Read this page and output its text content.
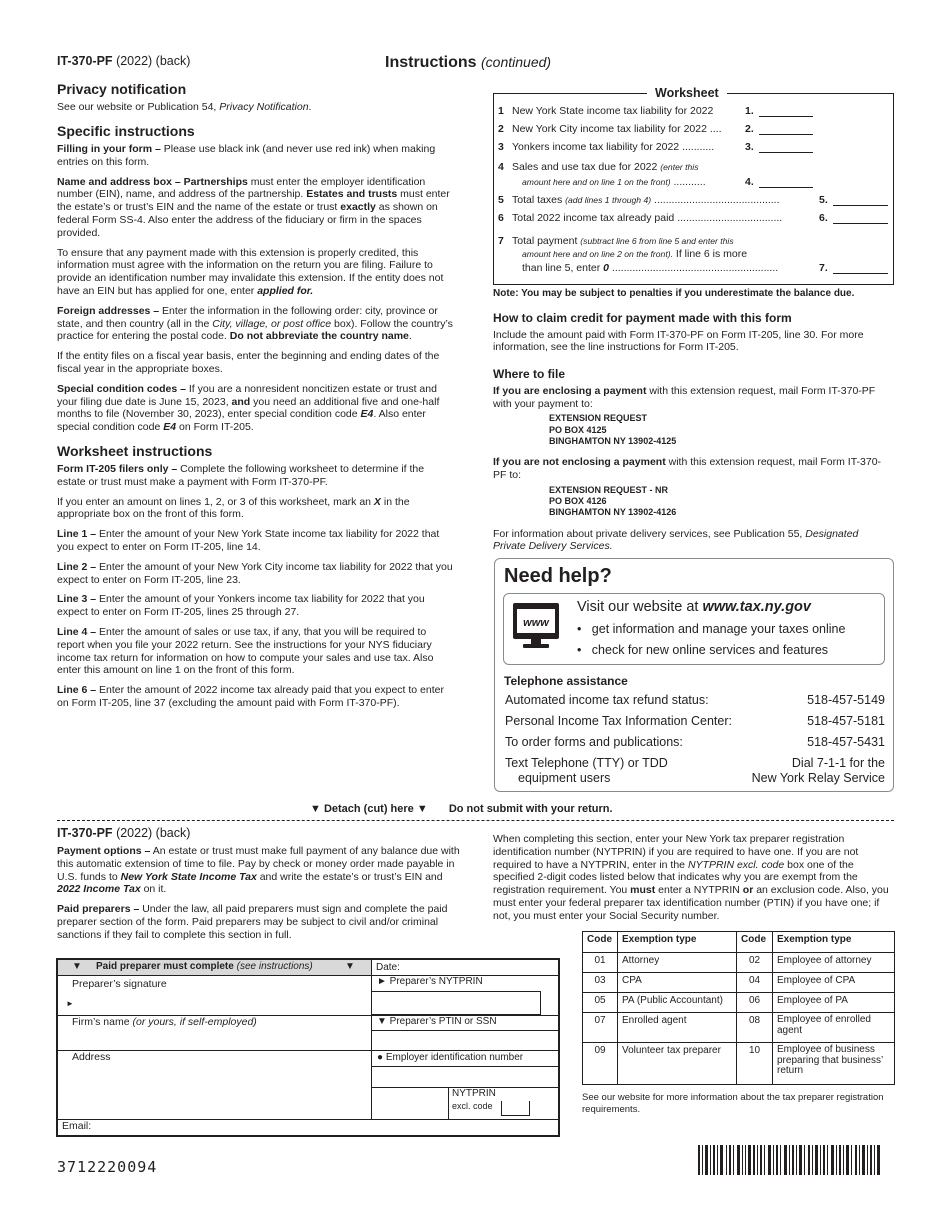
IT-370-PF (2022) (back)	Instructions (continued)
Privacy notification

See our website or Publication 54, Privacy Notification.

Specific instructions

Filling in your form – Please use black ink (and never use red ink) when making entries on this form.

Name and address box – Partnerships must enter the employer identification number (EIN), name, and address of the partnership. Estates and trusts must enter the estate’s or trust’s EIN and the name of the estate or trust exactly as shown on federal Form SS-4. Also enter the address of the fiduciary or firm in the spaces provided.

To ensure that any payment made with this extension is properly credited, this information must agree with the information on the return you are filing. Failure to provide an identification number may invalidate this extension. If the entity does not have an EIN but has applied for one, enter applied for.

Foreign addresses – Enter the information in the following order: city, province or state, and then country (all in the City, village, or post office box). Follow the country’s practice for entering the postal code. Do not abbreviate the country name.

If the entity files on a fiscal year basis, enter the beginning and ending dates of the fiscal year in the appropriate boxes.

Special condition codes – If you are a nonresident noncitizen estate or trust and your filing due date is June 15, 2023, and you need an additional five and one-half months to file (November 30, 2023), enter special condition code E4. Also enter special condition code E4 on Form IT-205.

Worksheet instructions

Form IT-205 filers only – Complete the following worksheet to determine if the estate or trust must make a payment with Form IT-370-PF.

If you enter an amount on lines 1, 2, or 3 of this worksheet, mark an X in the appropriate box on the front of this form.

Line 1 – Enter the amount of your New York State income tax liability for 2022 that you expect to enter on Form IT-205, line 14.

Line 2 – Enter the amount of your New York City income tax liability for 2022 that you expect to enter on Form IT-205, line 23.

Line 3 – Enter the amount of your Yonkers income tax liability for 2022 that you expect to enter on Form IT-205, lines 25 through 27.

Line 4 – Enter the amount of sales or use tax, if any, that you will be required to report when you file your 2022 return. See the instructions for your NYS fiduciary income tax return for information on how to compute your sales and use tax. Also enter this amount on line 1 on the front of this form.

Line 6 – Enter the amount of 2022 income tax already paid that you expect to enter on Form IT-205, line 37 (excluding the amount paid with Form IT-370-PF).

Worksheet
1 New York State income tax liability for 2022	1.
2 New York City income tax liability for 2022 .... 2.
3 Yonkers income tax liability for 2022 ...........	3.
4 Sales and use tax due for 2022 (enter this
amount here and on line 1 on the front) ...........	4.
5 Total taxes (add lines 1 through 4) ...........................................	5.
6 Total 2022 income tax already paid ....................................	6.
7 Total payment (subtract line 6 from line 5 and enter this
amount here and on line 2 on the front). If line 6 is more
than line 5, enter 0 .........................................................	7.
Note: You may be subject to penalties if you underestimate the balance due.
How to claim credit for payment made with this form

Include the amount paid with Form IT-370-PF on Form IT-205, line 30. For more information, see the line instructions for Form IT-205.

Where to file

If you are enclosing a payment with this extension request, mail Form IT-370-PF with your payment to:

EXTENSION REQUEST
PO BOX 4125
BINGHAMTON NY 13902-4125

If you are not enclosing a payment with this extension request, mail Form IT-370-PF to:

EXTENSION REQUEST - NR
PO BOX 4126
BINGHAMTON NY 13902-4126

For information about private delivery services, see Publication 55, Designated Private Delivery Services.

Need help?
www
Visit our website at www.tax.ny.gov
•   get information and manage your taxes online
•   check for new online services and features
Telephone assistance
Automated income tax refund status:	518-457-5149
Personal Income Tax Information Center:	518-457-5181
To order forms and publications:	518-457-5431
Text Telephone (TTY) or TDD
equipment users
Dial 7-1-1 for the
New York Relay Service
▼ Detach (cut) here ▼ Do not submit with your return.
IT-370-PF (2022) (back)

Payment options – An estate or trust must make full payment of any balance due with this automatic extension of time to file. Pay by check or money order made payable in U.S. funds to New York State Income Tax and write the estate’s or trust’s EIN and 2022 Income Tax on it.

Paid preparers – Under the law, all paid preparers must sign and complete the paid preparer section of the form. Paid preparers may be subject to civil and/or criminal sanctions if they fail to complete this section in full.

▼ Paid preparer must complete (see instructions)	▼ Date:
Preparer’s signature
►
► Preparer’s NYTPRIN
Firm’s name (or yours, if self-employed)	▼ Preparer’s PTIN or SSN
Address	● Employer identification number
NYTPRIN
excl. code
Email:

When completing this section, enter your New York tax preparer registration identification number (NYTPRIN) if you are required to have one. If you are not required to have a NYTPRIN, enter in the NYTPRIN excl. code box one of the specified 2-digit codes listed below that indicates why you are exempt from the registration requirement. You must enter a NYTPRIN or an exclusion code. Also, you must enter your federal preparer tax identification number (PTIN) if you have one; if not, you must enter your Social Security number.

Code	Exemption type	Code	Exemption type
01	Attorney	02	Employee of attorney
03	CPA	04	Employee of CPA
05	PA (Public Accountant)	06	Employee of PA
07	Enrolled agent	08	Employee of enrolled agent
09	Volunteer tax preparer	10	Employee of business preparing that business’ return
See our website for more information about the tax preparer registration requirements.
3712220094
